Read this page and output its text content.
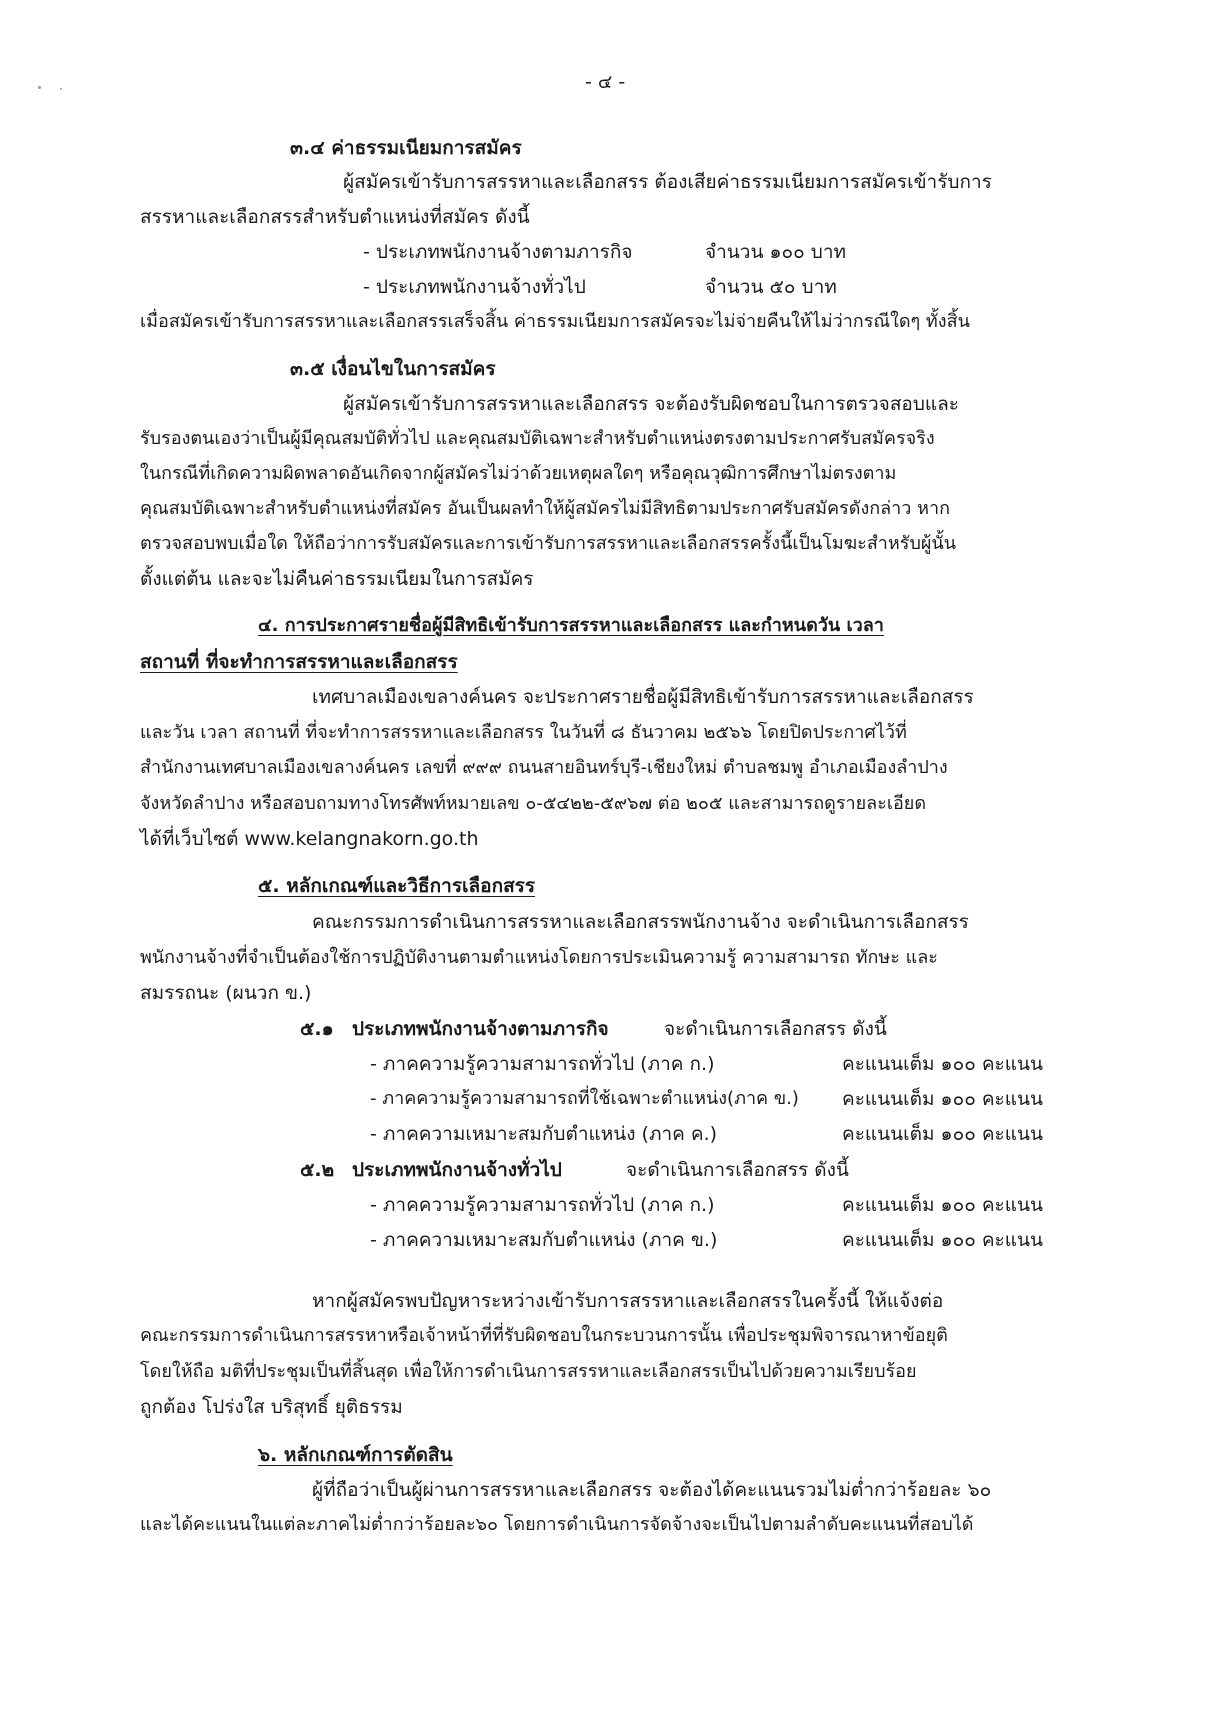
- ๔ -
๓.๔ ค่าธรรมเนียมการสมัคร
ผู้สมัครเข้ารับการสรรหาและเลือกสรร ต้องเสียค่าธรรมเนียมการสมัครเข้ารับการ
สรรหาและเลือกสรรสำหรับตำแหน่งที่สมัคร ดังนี้
- ประเภทพนักงานจ้างตามภารกิจ	จำนวน ๑๐๐ บาท
- ประเภทพนักงานจ้างทั่วไป	จำนวน ๕๐ บาท
เมื่อสมัครเข้ารับการสรรหาและเลือกสรรเสร็จสิ้น ค่าธรรมเนียมการสมัครจะไม่จ่ายคืนให้ไม่ว่ากรณีใดๆ ทั้งสิ้น
๓.๕ เงื่อนไขในการสมัคร
ผู้สมัครเข้ารับการสรรหาและเลือกสรร จะต้องรับผิดชอบในการตรวจสอบและ
รับรองตนเองว่าเป็นผู้มีคุณสมบัติทั่วไป และคุณสมบัติเฉพาะสำหรับตำแหน่งตรงตามประกาศรับสมัครจริง
ในกรณีที่เกิดความผิดพลาดอันเกิดจากผู้สมัครไม่ว่าด้วยเหตุผลใดๆ หรือคุณวุฒิการศึกษาไม่ตรงตาม
คุณสมบัติเฉพาะสำหรับตำแหน่งที่สมัคร อันเป็นผลทำให้ผู้สมัครไม่มีสิทธิตามประกาศรับสมัครดังกล่าว หาก
ตรวจสอบพบเมื่อใด ให้ถือว่าการรับสมัครและการเข้ารับการสรรหาและเลือกสรรครั้งนี้เป็นโมฆะสำหรับผู้นั้น
ตั้งแต่ต้น และจะไม่คืนค่าธรรมเนียมในการสมัคร
๔. การประกาศรายชื่อผู้มีสิทธิเข้ารับการสรรหาและเลือกสรร และกำหนดวัน เวลา
สถานที่ ที่จะทำการสรรหาและเลือกสรร
เทศบาลเมืองเขลางค์นคร จะประกาศรายชื่อผู้มีสิทธิเข้ารับการสรรหาและเลือกสรร
และวัน เวลา สถานที่ ที่จะทำการสรรหาและเลือกสรร ในวันที่ ๘ ธันวาคม ๒๕๖๖ โดยปิดประกาศไว้ที่
สำนักงานเทศบาลเมืองเขลางค์นคร เลขที่ ๙๙๙ ถนนสายอินทร์บุรี-เชียงใหม่ ตำบลชมพู อำเภอเมืองลำปาง
จังหวัดลำปาง หรือสอบถามทางโทรศัพท์หมายเลข ๐-๕๔๒๒-๕๙๖๗ ต่อ ๒๐๕ และสามารถดูรายละเอียด
ได้ที่เว็บไซต์ www.kelangnakorn.go.th
๕. หลักเกณฑ์และวิธีการเลือกสรร
คณะกรรมการดำเนินการสรรหาและเลือกสรรพนักงานจ้าง จะดำเนินการเลือกสรร
พนักงานจ้างที่จำเป็นต้องใช้การปฏิบัติงานตามตำแหน่งโดยการประเมินความรู้ ความสามารถ ทักษะ และ
สมรรถนะ (ผนวก ข.)
๕.๑ ประเภทพนักงานจ้างตามภารกิจ	จะดำเนินการเลือกสรร ดังนี้
- ภาคความรู้ความสามารถทั่วไป (ภาค ก.)	คะแนนเต็ม ๑๐๐ คะแนน
- ภาคความรู้ความสามารถที่ใช้เฉพาะตำแหน่ง(ภาค ข.) คะแนนเต็ม ๑๐๐ คะแนน
- ภาคความเหมาะสมกับตำแหน่ง (ภาค ค.)	คะแนนเต็ม ๑๐๐ คะแนน
๕.๒ ประเภทพนักงานจ้างทั่วไป	จะดำเนินการเลือกสรร ดังนี้
- ภาคความรู้ความสามารถทั่วไป (ภาค ก.)	คะแนนเต็ม ๑๐๐ คะแนน
- ภาคความเหมาะสมกับตำแหน่ง (ภาค ข.)	คะแนนเต็ม ๑๐๐ คะแนน
หากผู้สมัครพบปัญหาระหว่างเข้ารับการสรรหาและเลือกสรรในครั้งนี้ ให้แจ้งต่อ
คณะกรรมการดำเนินการสรรหาหรือเจ้าหน้าที่ที่รับผิดชอบในกระบวนการนั้น เพื่อประชุมพิจารณาหาข้อยุติ
โดยให้ถือ มติที่ประชุมเป็นที่สิ้นสุด เพื่อให้การดำเนินการสรรหาและเลือกสรรเป็นไปด้วยความเรียบร้อย
ถูกต้อง โปร่งใส บริสุทธิ์ ยุติธรรม
๖. หลักเกณฑ์การตัดสิน
ผู้ที่ถือว่าเป็นผู้ผ่านการสรรหาและเลือกสรร จะต้องได้คะแนนรวมไม่ต่ำกว่าร้อยละ ๖๐
และได้คะแนนในแต่ละภาคไม่ต่ำกว่าร้อยละ๖๐ โดยการดำเนินการจัดจ้างจะเป็นไปตามลำดับคะแนนที่สอบได้
